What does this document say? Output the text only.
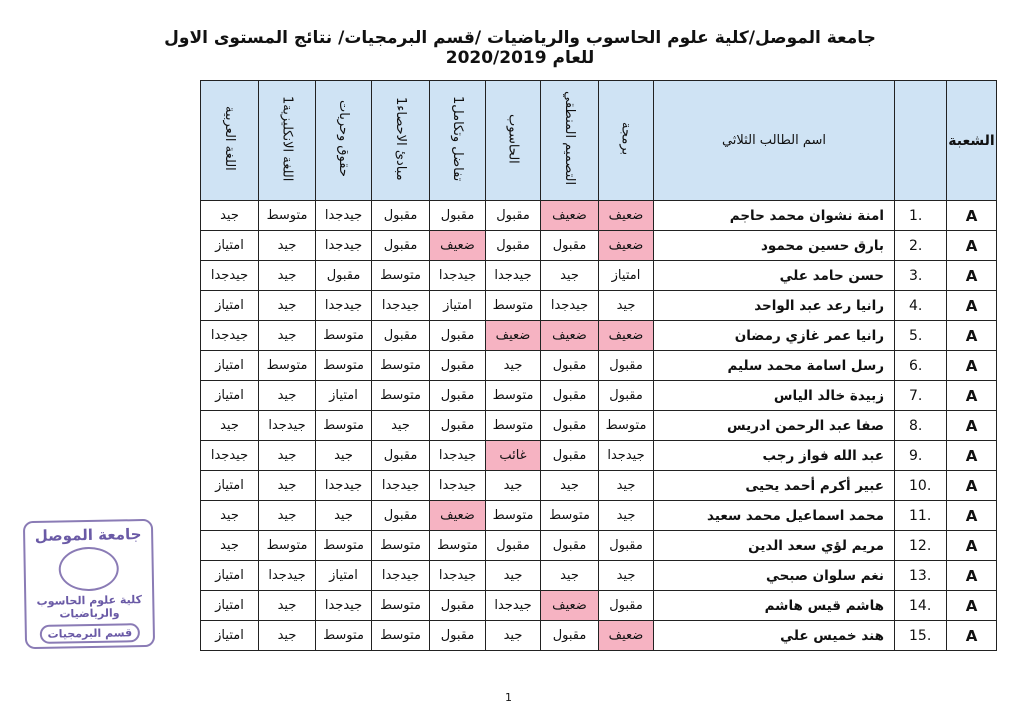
جامعة الموصل/كلية علوم الحاسوب والرياضيات /قسم البرمجيات/ نتائج المستوى الاول للعام 2020/2019
الشعبة		اسم الطالب الثلاثي	برمجة	التصميم المنطقي	الحاسوب	تفاضل وتكامل1	مبادئ الاحصاء1	حقوق وحريات	اللغة الانكليزية1	اللغة العربية
A	1.	امنة نشوان محمد حاجم	ضعيف	ضعيف	مقبول	مقبول	مقبول	جيدجدا	متوسط	جيد
A	2.	بارق حسين محمود	ضعيف	مقبول	مقبول	ضعيف	مقبول	جيدجدا	جيد	امتياز
A	3.	حسن حامد علي	امتياز	جيد	جيدجدا	جيدجدا	متوسط	مقبول	جيد	جيدجدا
A	4.	رانيا رعد عبد الواحد	جيد	جيدجدا	متوسط	امتياز	جيدجدا	جيدجدا	جيد	امتياز
A	5.	رانيا عمر غازي رمضان	ضعيف	ضعيف	ضعيف	مقبول	مقبول	متوسط	جيد	جيدجدا
A	6.	رسل اسامة محمد سليم	مقبول	مقبول	جيد	مقبول	متوسط	متوسط	متوسط	امتياز
A	7.	زبيدة خالد الياس	مقبول	مقبول	متوسط	مقبول	متوسط	امتياز	جيد	امتياز
A	8.	صفا عبد الرحمن ادريس	متوسط	مقبول	متوسط	مقبول	جيد	متوسط	جيدجدا	جيد
A	9.	عبد الله فواز رجب	جيدجدا	مقبول	غائب	جيدجدا	مقبول	جيد	جيد	جيدجدا
A	10.	عبير أكرم أحمد يحيى	جيد	جيد	جيد	جيدجدا	جيدجدا	جيدجدا	جيد	امتياز
A	11.	محمد اسماعيل محمد سعيد	جيد	متوسط	متوسط	ضعيف	مقبول	جيد	جيد	جيد
A	12.	مريم لؤي سعد الدين	مقبول	مقبول	مقبول	متوسط	متوسط	متوسط	متوسط	جيد
A	13.	نغم سلوان صبحي	جيد	جيد	جيد	جيدجدا	جيدجدا	امتياز	جيدجدا	امتياز
A	14.	هاشم قيس هاشم	مقبول	ضعيف	جيدجدا	مقبول	متوسط	جيدجدا	جيد	امتياز
A	15.	هند خميس علي	ضعيف	مقبول	جيد	مقبول	متوسط	متوسط	جيد	امتياز
جامعة الموصل
كلية علوم الحاسوب والرياضيات
قسم البرمجيات
1
